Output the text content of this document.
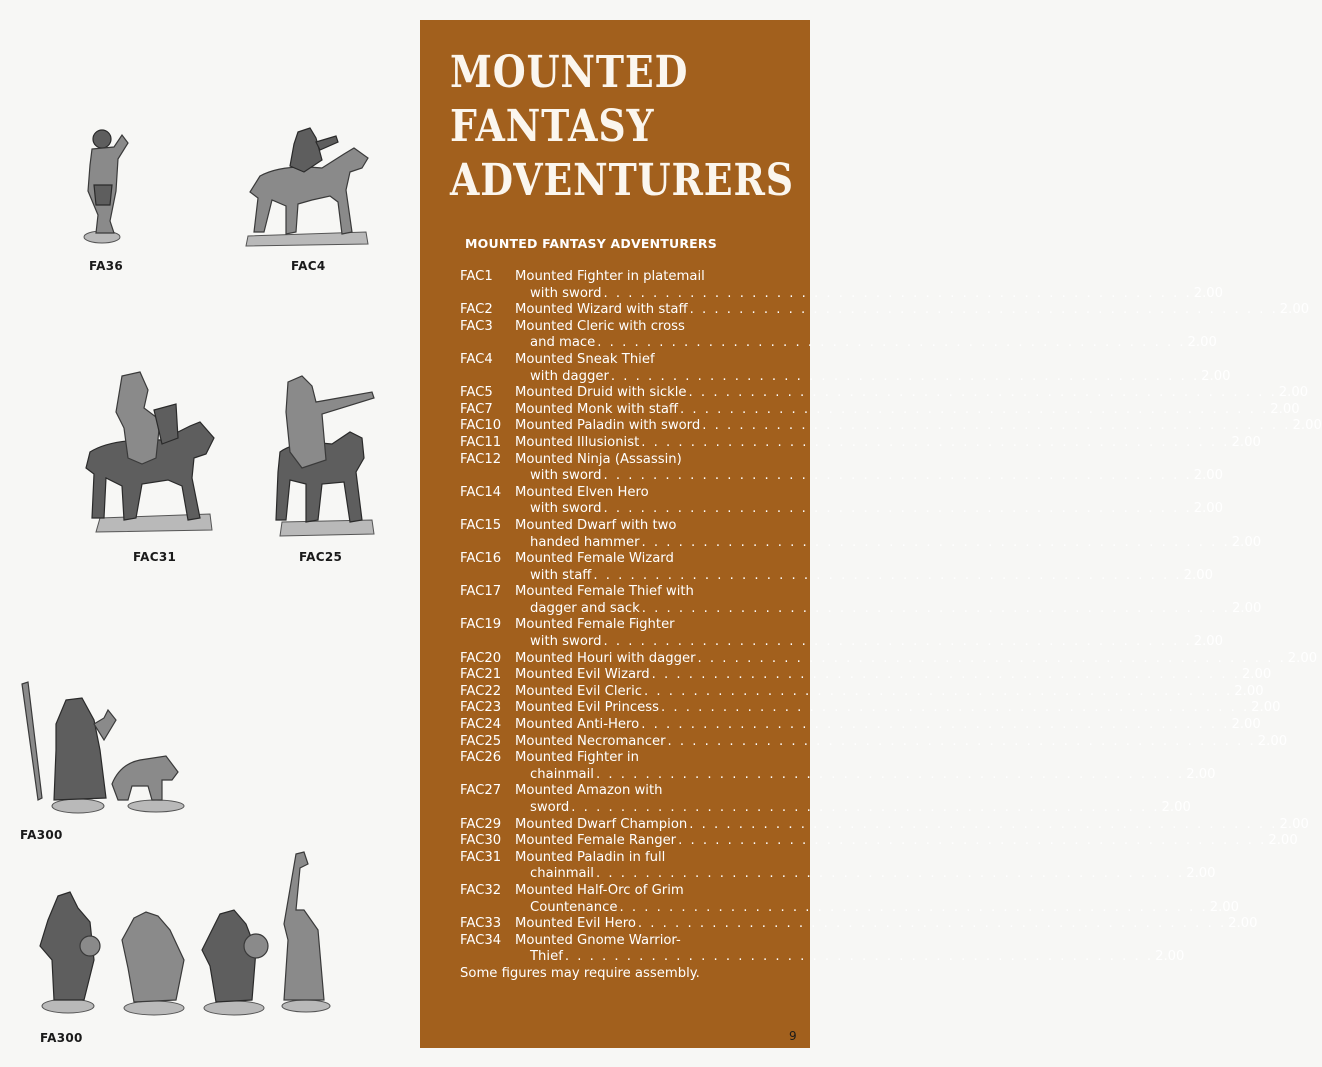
FA36	FAC4
FAC31	FAC25
FA300
FA300
MOUNTED
FANTASY
ADVENTURERS
MOUNTED FANTASY ADVENTURERS
FAC1	Mounted Fighter in platemail
with sword . . .	2.00
FAC2	Mounted Wizard with staff . . .	2.00
FAC3	Mounted Cleric with cross
and mace . . .	2.00
FAC4	Mounted Sneak Thief
with dagger . . .	2.00
FAC5	Mounted Druid with sickle . . .	2.00
FAC7	Mounted Monk with staff . . .	2.00
FAC10	Mounted Paladin with sword . . .	2.00
FAC11	Mounted Illusionist . . .	2.00
FAC12	Mounted Ninja (Assassin)
with sword . . .	2.00
FAC14	Mounted Elven Hero
with sword . . .	2.00
FAC15	Mounted Dwarf with two
handed hammer . . .	2.00
FAC16	Mounted Female Wizard
with staff . . .	2.00
FAC17	Mounted Female Thief with
dagger and sack . . .	2.00
FAC19	Mounted Female Fighter
with sword . . .	2.00
FAC20	Mounted Houri with dagger . . .	2.00
FAC21	Mounted Evil Wizard . . .	2.00
FAC22	Mounted Evil Cleric . . .	2.00
FAC23	Mounted Evil Princess . . .	2.00
FAC24	Mounted Anti-Hero . . .	2.00
FAC25	Mounted Necromancer . . .	2.00
FAC26	Mounted Fighter in
chainmail . . .	2.00
FAC27	Mounted Amazon with
sword . . .	2.00
FAC29	Mounted Dwarf Champion . . .	2.00
FAC30	Mounted Female Ranger . . .	2.00
FAC31	Mounted Paladin in full
chainmail . . .	2.00
FAC32	Mounted Half-Orc of Grim
Countenance . . .	2.00
FAC33	Mounted Evil Hero . . .	2.00
FAC34	Mounted Gnome Warrior-
Thief . . .	2.00
Some figures may require assembly.
9
